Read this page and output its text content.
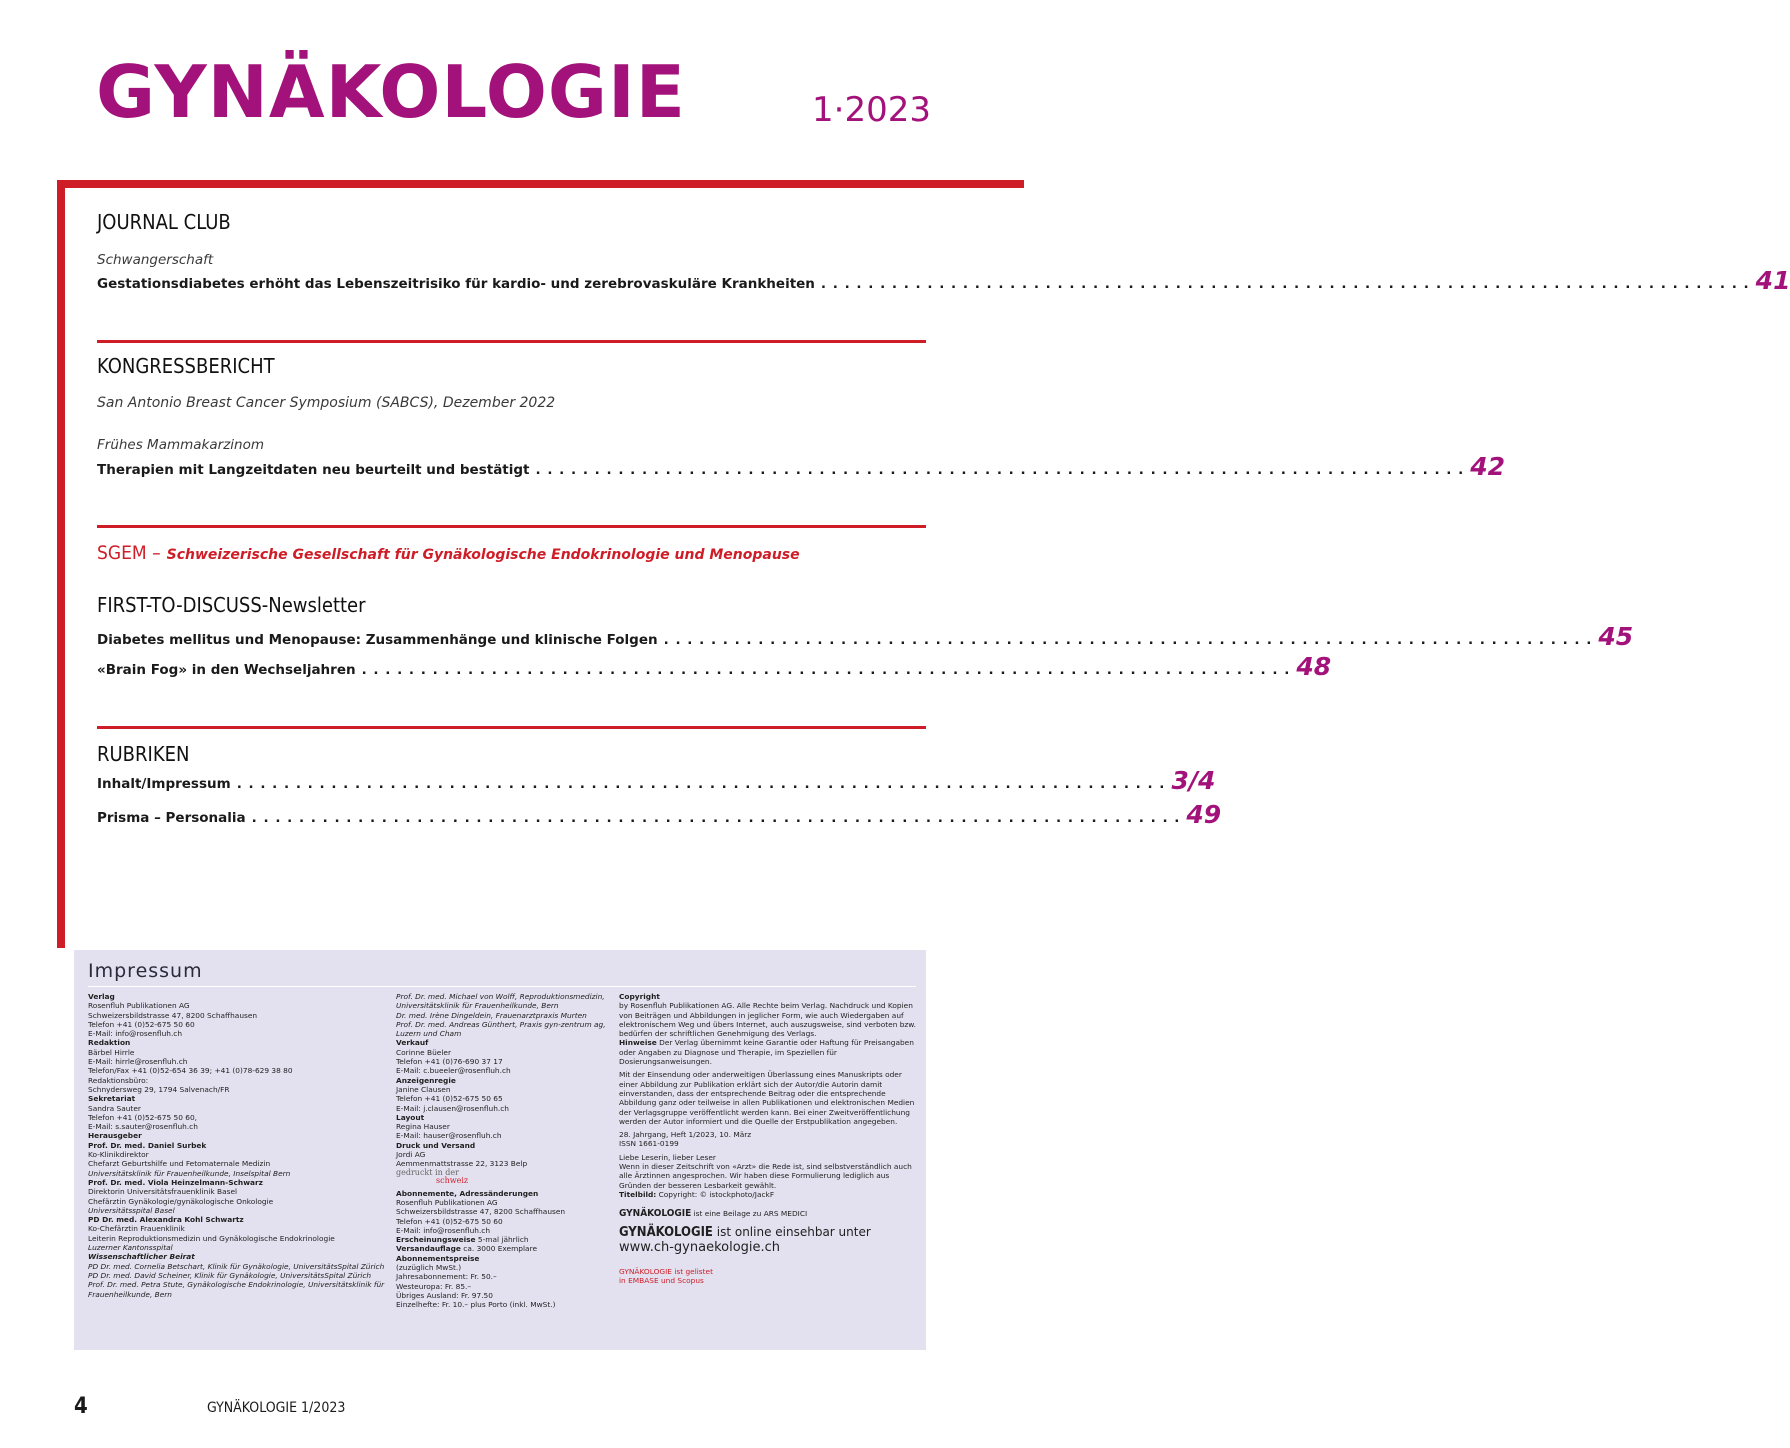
GYNÄKOLOGIE	1·2023
JOURNAL CLUB
Schwangerschaft
Gestationsdiabetes erhöht das Lebenszeitrisiko für kardio- und zerebrovaskuläre Krankheiten . . . . . . . . . . . . . . . . . . . . . . . . . . . . . . . . . . . . . . . . . . . . . . . . . . . . . . . . . . . . . . . . . . . . . . . . . . . . . . . 41
KONGRESSBERICHT
San Antonio Breast Cancer Symposium (SABCS), Dezember 2022
Frühes Mammakarzinom
Therapien mit Langzeitdaten neu beurteilt und bestätigt . . . . . . . . . . . . . . . . . . . . . . . . . . . . . . . . . . . . . . . . . . . . . . . . . . . . . . . . . . . . . . . . . . . . . . . . . . . . . . . 42
SGEM – Schweizerische Gesellschaft für Gynäkologische Endokrinologie und Menopause
FIRST-TO-DISCUSS-Newsletter
Diabetes mellitus und Menopause: Zusammenhänge und klinische Folgen . . . . . . . . . . . . . . . . . . . . . . . . . . . . . . . . . . . . . . . . . . . . . . . . . . . . . . . . . . . . . . . . . . . . . . . . . . . . . . . 45
«Brain Fog» in den Wechseljahren . . . . . . . . . . . . . . . . . . . . . . . . . . . . . . . . . . . . . . . . . . . . . . . . . . . . . . . . . . . . . . . . . . . . . . . . . . . . . . . 48
RUBRIKEN
Inhalt/Impressum . . . . . . . . . . . . . . . . . . . . . . . . . . . . . . . . . . . . . . . . . . . . . . . . . . . . . . . . . . . . . . . . . . . . . . . . . . . . . . . 3/4
Prisma – Personalia . . . . . . . . . . . . . . . . . . . . . . . . . . . . . . . . . . . . . . . . . . . . . . . . . . . . . . . . . . . . . . . . . . . . . . . . . . . . . . . 49
Impressum
Verlag
Rosenfluh Publikationen AG
Schweizersbildstrasse 47, 8200 Schaffhausen
Telefon +41 (0)52-675 50 60
E-Mail: info@rosenfluh.ch
Redaktion
Bärbel Hirrle
E-Mail: hirrle@rosenfluh.ch
Telefon/Fax +41 (0)52-654 36 39; +41 (0)78-629 38 80
Redaktionsbüro:
Schnydersweg 29, 1794 Salvenach/FR
Sekretariat
Sandra Sauter
Telefon +41 (0)52-675 50 60,
E-Mail: s.sauter@rosenfluh.ch
Herausgeber
Prof. Dr. med. Daniel Surbek
Ko-Klinikdirektor
Chefarzt Geburtshilfe und Fetomaternale Medizin
Universitätsklinik für Frauenheilkunde, Inselspital Bern
Prof. Dr. med. Viola Heinzelmann-Schwarz
Direktorin Universitätsfrauenklinik Basel
Chefärztin Gynäkologie/gynäkologische Onkologie
Universitätsspital Basel
PD Dr. med. Alexandra Kohl Schwartz
Ko-Chefärztin Frauenklinik
Leiterin Reproduktionsmedizin und Gynäkologische Endokrinologie
Luzerner Kantonsspital
Wissenschaftlicher Beirat
PD Dr. med. Cornelia Betschart, Klinik für Gynäkologie, UniversitätsSpital Zürich
PD Dr. med. David Scheiner, Klinik für Gynäkologie, UniversitätsSpital Zürich
Prof. Dr. med. Petra Stute, Gynäkologische Endokrinologie, Universitätsklinik für Frauenheilkunde, Bern
Prof. Dr. med. Michael von Wolff, Reproduktionsmedizin, Universitätsklinik für Frauenheilkunde, Bern
Dr. med. Irène Dingeldein, Frauenarztpraxis Murten
Prof. Dr. med. Andreas Günthert, Praxis gyn-zentrum ag, Luzern und Cham
Verkauf
Corinne Büeler
Telefon +41 (0)76-690 37 17
E-Mail: c.bueeler@rosenfluh.ch
Anzeigenregie
Janine Clausen
Telefon +41 (0)52-675 50 65
E-Mail: j.clausen@rosenfluh.ch
Layout
Regina Hauser
E-Mail: hauser@rosenfluh.ch
Druck und Versand
Jordi AG
Aemmenmattstrasse 22, 3123 Belp
gedruckt in der
schweiz
Abonnemente, Adressänderungen
Rosenfluh Publikationen AG
Schweizersbildstrasse 47, 8200 Schaffhausen
Telefon +41 (0)52-675 50 60
E-Mail: info@rosenfluh.ch
Erscheinungsweise 5-mal jährlich
Versandauflage ca. 3000 Exemplare
Abonnementspreise
(zuzüglich MwSt.)
Jahresabonnement: Fr. 50.–
Westeuropa: Fr. 85.–
Übriges Ausland: Fr. 97.50
Einzelhefte: Fr. 10.– plus Porto (inkl. MwSt.)
Copyright
by Rosenfluh Publikationen AG. Alle Rechte beim Verlag. Nachdruck und Kopien von Beiträgen und Abbildungen in jeglicher Form, wie auch Wiedergaben auf elektronischem Weg und übers Internet, auch auszugsweise, sind verboten bzw. bedürfen der schriftlichen Genehmigung des Verlags.
Hinweise Der Verlag übernimmt keine Garantie oder Haftung für Preisangaben oder Angaben zu Diagnose und Therapie, im Speziellen für Dosierungsanweisungen.
Mit der Einsendung oder anderweitigen Überlassung eines Manuskripts oder einer Abbildung zur Publikation erklärt sich der Autor/die Autorin damit einverstanden, dass der entsprechende Beitrag oder die entsprechende Abbildung ganz oder teilweise in allen Publikationen und elektronischen Medien der Verlagsgruppe veröffentlicht werden kann. Bei einer Zweitveröffentlichung werden der Autor informiert und die Quelle der Erstpublikation angegeben.
28. Jahrgang, Heft 1/2023, 10. März
ISSN 1661-0199
Liebe Leserin, lieber Leser
Wenn in dieser Zeitschrift von «Arzt» die Rede ist, sind selbstverständlich auch alle Ärztinnen angesprochen. Wir haben diese Formulierung lediglich aus Gründen der besseren Lesbarkeit gewählt.
Titelbild: Copyright: © istockphoto/JackF
GYNÄKOLOGIE ist eine Beilage zu ARS MEDICI
GYNÄKOLOGIE ist online einsehbar unter
www.ch-gynaekologie.ch
GYNÄKOLOGIE ist gelistet
in EMBASE und Scopus
4	GYNÄKOLOGIE 1/2023
